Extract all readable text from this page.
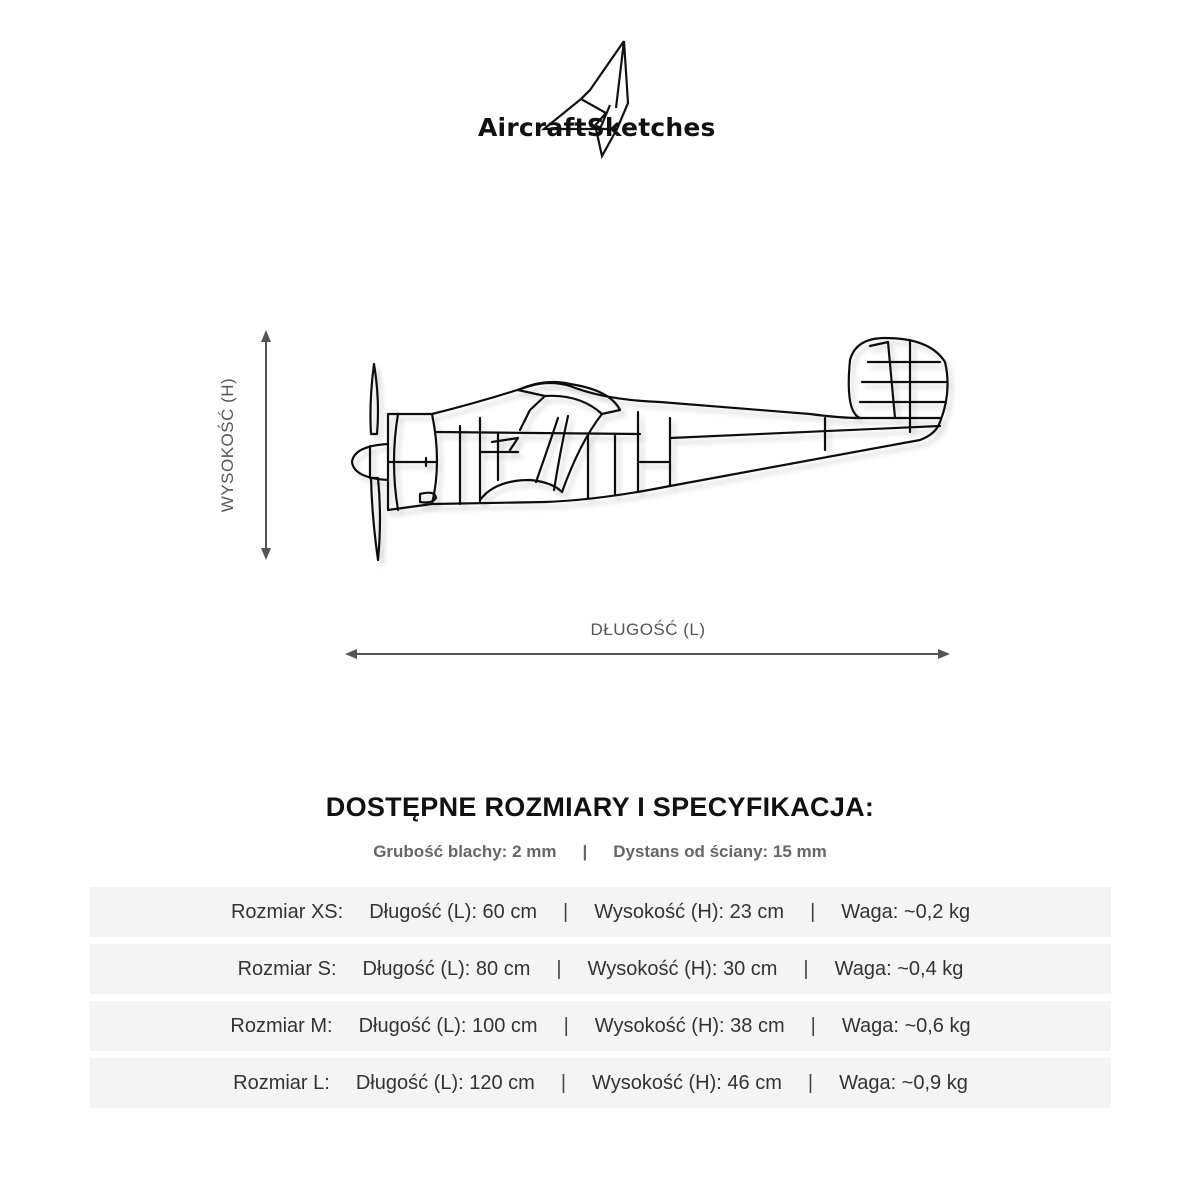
AircraftSketches
WYSOKOŚĆ (H)
DŁUGOŚĆ (L)
DOSTĘPNE ROZMIARY I SPECYFIKACJA:
Grubość blachy: 2 mm | Dystans od ściany: 15 mm
Rozmiar XS: Długość (L): 60 cm | Wysokość (H): 23 cm | Waga: ~0,2 kg
Rozmiar S: Długość (L): 80 cm | Wysokość (H): 30 cm | Waga: ~0,4 kg
Rozmiar M: Długość (L): 100 cm | Wysokość (H): 38 cm | Waga: ~0,6 kg
Rozmiar L: Długość (L): 120 cm | Wysokość (H): 46 cm | Waga: ~0,9 kg
